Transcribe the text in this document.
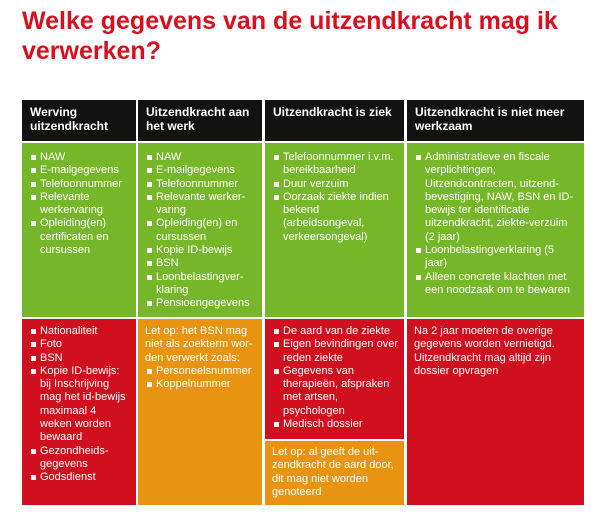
Welke gegevens van de uitzendkracht mag ik verwerken?
Werving uitzendkracht
Uitzendkracht aan het werk
Uitzendkracht is ziek	Uitzendkracht is niet meer werkzaam
NAW
E-mailgegevens
Telefoonnummer
Relevante werkervaring
Opleiding(en) certificaten en cursussen
NAW
E-mailgegevens
Telefoonnummer
Relevante werker-varing
Opleiding(en) en cursussen
Kopie ID-bewijs
BSN
Loonbelastingver-klaring
Pensioengegevens
Telefoonnummer i.v.m. bereikbaarheid
Duur verzuim
Oorzaak ziekte indien bekend (arbeidsongeval, verkeersongeval)
Administratieve en fiscale verplichtingen; Uitzendcontracten, uitzend-bevestiging, NAW, BSN en ID-bewijs ter identificatie uitzendkracht, ziekte-verzuim (2 jaar)
Loonbelastingverklaring (5 jaar)
Alleen concrete klachten met een noodzaak om te bewaren
Nationaliteit
Foto
BSN
Kopie ID-bewijs: bij Inschrijving mag het id-bewijs maximaal 4 weken worden bewaard
Gezondheids-gegevens
Godsdienst

Let op: het BSN mag niet als zoekterm wor-den verwerkt zoals:

Personeelsnummer
Koppelnummer
De aard van de ziekte
Eigen bevindingen over reden ziekte
Gegevens van therapieën, afspraken met artsen, psychologen
Medisch dossier

Let op: al geeft de uit-zendkracht de aard door, dit mag niet worden genoteerd

Na 2 jaar moeten de overige gegevens worden vernietigd. Uitzendkracht mag altijd zijn dossier opvragen
